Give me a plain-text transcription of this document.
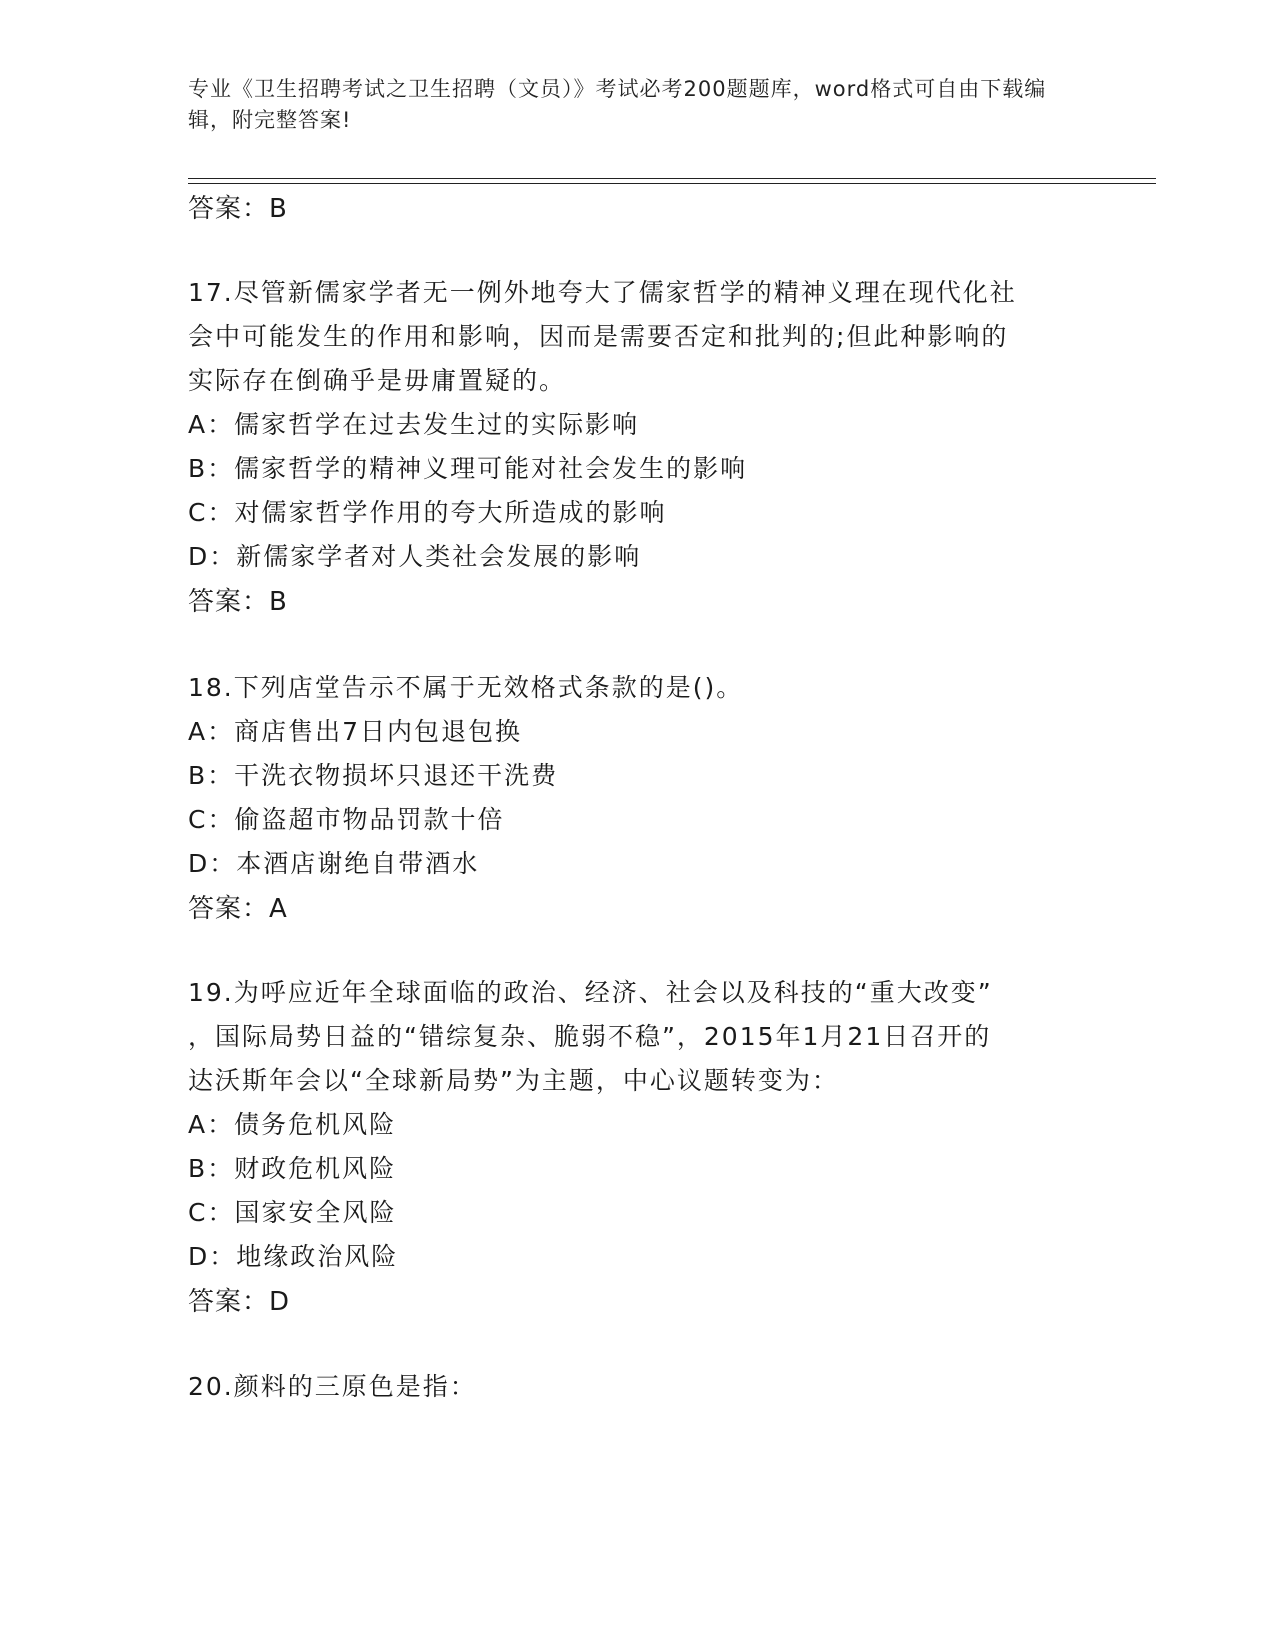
专业《卫生招聘考试之卫生招聘（文员）》考试必考200题题库，word格式可自由下载编辑，附完整答案!
答案：B
17.尽管新儒家学者无一例外地夸大了儒家哲学的精神义理在现代化社
会中可能发生的作用和影响，因而是需要否定和批判的;但此种影响的
实际存在倒确乎是毋庸置疑的。
A：儒家哲学在过去发生过的实际影响
B：儒家哲学的精神义理可能对社会发生的影响
C：对儒家哲学作用的夸大所造成的影响
D：新儒家学者对人类社会发展的影响
答案：B
18.下列店堂告示不属于无效格式条款的是()。
A：商店售出7日内包退包换
B：干洗衣物损坏只退还干洗费
C：偷盗超市物品罚款十倍
D：本酒店谢绝自带酒水
答案：A
19.为呼应近年全球面临的政治、经济、社会以及科技的“重大改变”
，国际局势日益的“错综复杂、脆弱不稳”，2015年1月21日召开的
达沃斯年会以“全球新局势”为主题，中心议题转变为：
A：债务危机风险
B：财政危机风险
C：国家安全风险
D：地缘政治风险
答案：D
20.颜料的三原色是指：
